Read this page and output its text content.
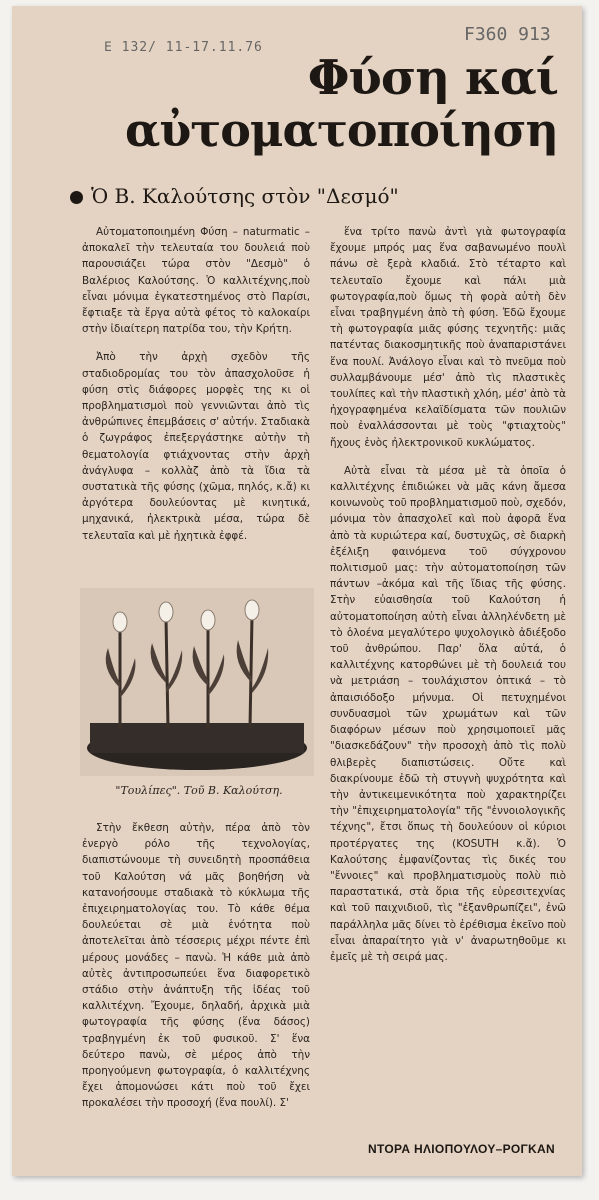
Ε 132/ 11-17.11.76
F360 913
Φύση καί
αὐτοματοποίηση
Ὁ Β. Καλούτσης στὸν "Δεσμό"

Αὐτοματοποιημένη Φύση – naturmatic – ἀποκαλεῖ τὴν τελευταία του δουλειά ποὺ παρουσιάζει τώρα στὸν "Δεσμὸ" ὁ Βαλέριος Καλούτσης. Ὁ καλλιτέχνης,ποὺ εἶναι μόνιμα ἐγκατεστημένος στὸ Παρίσι, ἔφτιαξε τὰ ἔργα αὐτὰ φέτος τὸ καλοκαίρι στὴν ἰδιαίτερη πατρίδα του, τὴν Κρήτη.

Ἀπὸ τὴν ἀρχὴ σχεδὸν τῆς σταδιοδρομίας του τὸν ἀπασχολοῦσε ἡ φύση στὶς διάφορες μορφὲς της κι οἱ προβληματισμοὶ ποὺ γεννιῶνται ἀπὸ τὶς ἀνθρώπινες ἐπεμβάσεις σ' αὐτήν. Σταδιακὰ ὁ ζωγράφος ἐπεξεργάστηκε αὐτὴν τὴ θεματολογία φτιάχνοντας στὴν ἀρχὴ ἀνάγλυφα – κολλὰζ ἀπὸ τὰ ἴδια τὰ συστατικὰ τῆς φύσης (χῶμα, πηλός, κ.ἄ) κι ἀργότερα δουλεύοντας μὲ κινητικά, μηχανικά, ἠλεκτρικὰ μέσα, τώρα δὲ τελευταῖα καὶ μὲ ἠχητικὰ ἐφφέ.

"Τουλίπες". Τοῦ Β. Καλούτση.

Στὴν ἔκθεση αὐτὴν, πέρα ἀπὸ τὸν ἐνεργὸ ρόλο τῆς τεχνολογίας, διαπιστώνουμε τὴ συνειδητὴ προσπάθεια τοῦ Καλούτση νά μᾶς βοηθήση νὰ κατανοήσουμε σταδιακὰ τὸ κύκλωμα τῆς ἐπιχειρηματολογίας του. Τὸ κάθε θέμα δουλεύεται σὲ μιὰ ἑνότητα ποὺ ἀποτελεῖται ἀπὸ τέσσερις μέχρι πέντε ἐπὶ μέρους μονάδες – πανὼ. Ἡ κάθε μιὰ ἀπὸ αὐτὲς ἀντιπροσωπεύει ἕνα διαφορετικὸ στάδιο στὴν ἀνάπτυξη τῆς ἰδέας τοῦ καλλιτέχνη. Ἔχουμε, δηλαδή, ἀρχικὰ μιὰ φωτογραφία τῆς φύσης (ἕνα δάσος) τραβηγμένη ἐκ τοῦ φυσικοῦ. Σ' ἕνα δεύτερο πανὼ, σὲ μέρος ἀπὸ τὴν προηγούμενη φωτογραφία, ὁ καλλιτέχνης ἔχει ἀπομονώσει κάτι ποὺ τοῦ ἔχει προκαλέσει τὴν προσοχή (ἕνα πουλί). Σ'

ἕνα τρίτο πανὼ ἀντὶ γιὰ φωτογραφία ἔχουμε μπρός μας ἕνα σαβανωμένο πουλὶ πάνω σὲ ξερὰ κλαδιά. Στὸ τέταρτο καὶ τελευταῖο ἔχουμε καὶ πάλι μιὰ φωτογραφία,ποὺ ὅμως τὴ φορὰ αὐτὴ δὲν εἶναι τραβηγμένη ἀπὸ τὴ φύση. Ἐδῶ ἔχουμε τὴ φωτογραφία μιᾶς φύσης τεχνητῆς: μιᾶς πατέντας διακοσμητικῆς ποὺ ἀναπαριστάνει ἕνα πουλί. Ἀνάλογο εἶναι καὶ τὸ πνεῦμα ποὺ συλλαμβάνουμε μέσ' ἀπὸ τὶς πλαστικὲς τουλίπες καὶ τὴν πλαστικὴ χλόη, μέσ' ἀπὸ τὰ ἠχογραφημένα κελαϊδίσματα τῶν πουλιῶν ποὺ ἐναλλάσσονται μὲ τοὺς "φτιαχτοὺς" ἤχους ἑνὸς ἠλεκτρονικοῦ κυκλώματος.

Αὐτὰ εἶναι τὰ μέσα μὲ τὰ ὁποῖα ὁ καλλιτέχνης ἐπιδιώκει νὰ μᾶς κάνη ἄμεσα κοινωνοὺς τοῦ προβληματισμοῦ ποὺ, σχεδόν, μόνιμα τὸν ἀπασχολεῖ καὶ ποὺ ἀφορᾶ ἕνα ἀπὸ τὰ κυριώτερα καί, δυστυχῶς, σὲ διαρκὴ ἐξέλιξη φαινόμενα τοῦ σύγχρονου πολιτισμοῦ μας: τὴν αὐτοματοποίηση τῶν πάντων –ἀκόμα καὶ τῆς ἴδιας τῆς φύσης. Στὴν εὐαισθησία τοῦ Καλούτση ἡ αὐτοματοποίηση αὐτὴ εἶναι ἀλληλένδετη μὲ τὸ ὁλοένα μεγαλύτερο ψυχολογικὸ ἀδιέξοδο τοῦ ἀνθρώπου. Παρ' ὅλα αὐτά, ὁ καλλιτέχνης κατορθώνει μὲ τὴ δουλειά του νὰ μετριάση – τουλάχιστον ὀπτικά – τὸ ἀπαισιόδοξο μήνυμα. Οἱ πετυχημένοι συνδυασμοὶ τῶν χρωμάτων καὶ τῶν διαφόρων μέσων ποὺ χρησιμοποιεῖ μᾶς "διασκεδάζουν" τὴν προσοχὴ ἀπὸ τὶς πολὺ θλιβερὲς διαπιστώσεις. Οὔτε καὶ διακρίνουμε ἐδῶ τὴ στυγνὴ ψυχρότητα καὶ τὴν ἀντικειμενικότητα ποὺ χαρακτηρίζει τὴν "ἐπιχειρηματολογία" τῆς "ἐννοιολογικῆς τέχνης", ἔτσι ὅπως τὴ δουλεύουν οἱ κύριοι προτέργατες της (KOSUTH κ.ἄ). Ὁ Καλούτσης ἐμφανίζοντας τὶς δικές του "ἔννοιες" καὶ προβληματισμοὺς πολὺ πιὸ παραστατικά, στὰ ὅρια τῆς εὑρεσιτεχνίας καὶ τοῦ παιχνιδιοῦ, τὶς "ἐξανθρωπίζει", ἐνῶ παράλληλα μᾶς δίνει τὸ ἐρέθισμα ἐκεῖνο ποὺ εἶναι ἀπαραίτητο γιὰ ν' ἀναρωτηθοῦμε κι ἐμεῖς μὲ τὴ σειρά μας.

ΝΤΟΡΑ ΗΛΙΟΠΟΥΛΟΥ–ΡΟΓΚΑΝ
